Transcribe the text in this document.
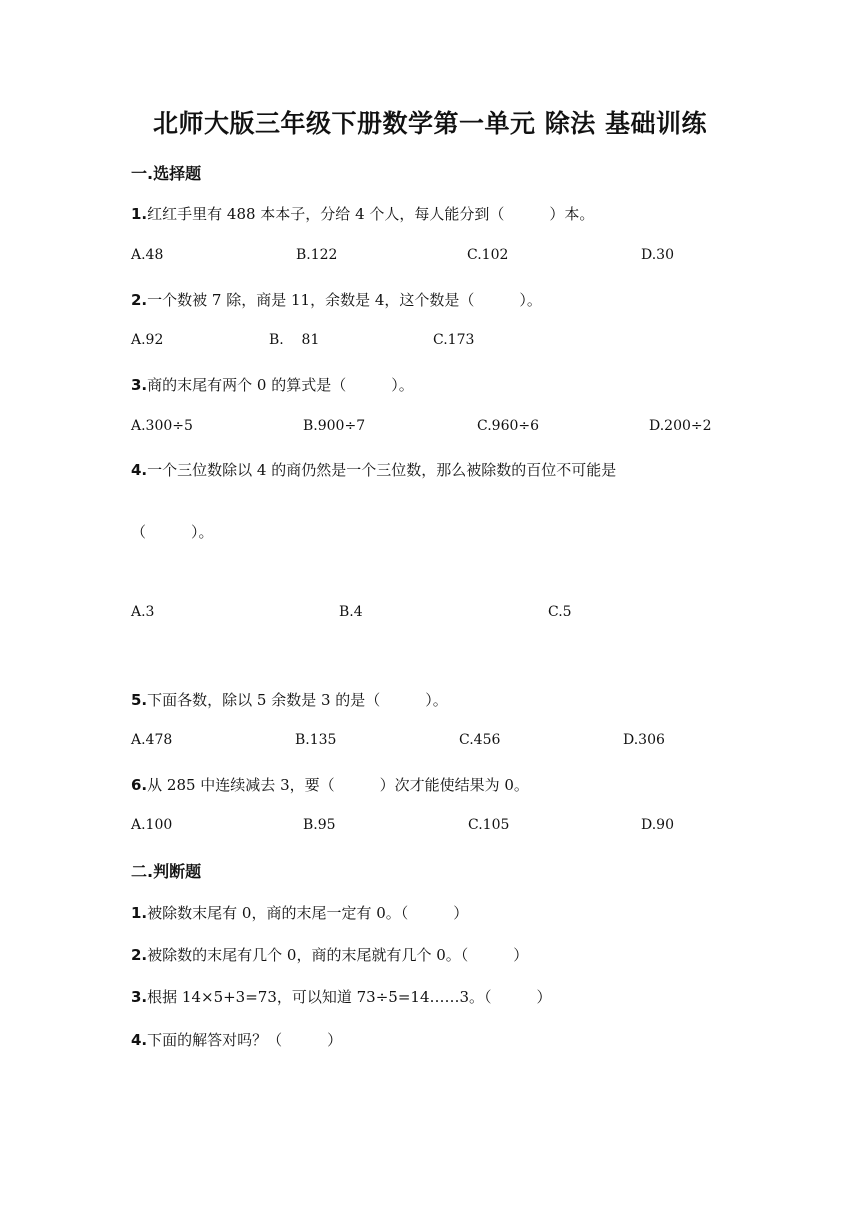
北师大版三年级下册数学第一单元 除法 基础训练
一.选择题
1.红红手里有 488 本本子，分给 4 个人，每人能分到（　　　）本。
A.48	B.122	C.102	D.30
2.一个数被 7 除，商是 11，余数是 4，这个数是（　　　）。
A.92	B.    81	C.173
3.商的末尾有两个 0 的算式是（　　　）。
A.300÷5	B.900÷7	C.960÷6	D.200÷2
4.一个三位数除以 4 的商仍然是一个三位数，那么被除数的百位不可能是
（　　　）。
A.3	B.4	C.5
5.下面各数，除以 5 余数是 3 的是（　　　）。
A.478	B.135	C.456	D.306
6.从 285 中连续减去 3，要（　　　）次才能使结果为 0。
A.100	B.95	C.105	D.90
二.判断题
1.被除数末尾有 0，商的末尾一定有 0。（　　　）
2.被除数的末尾有几个 0，商的末尾就有几个 0。（　　　）
3.根据 14×5+3=73，可以知道 73÷5=14……3。（　　　）
4.下面的解答对吗？（　　　）
